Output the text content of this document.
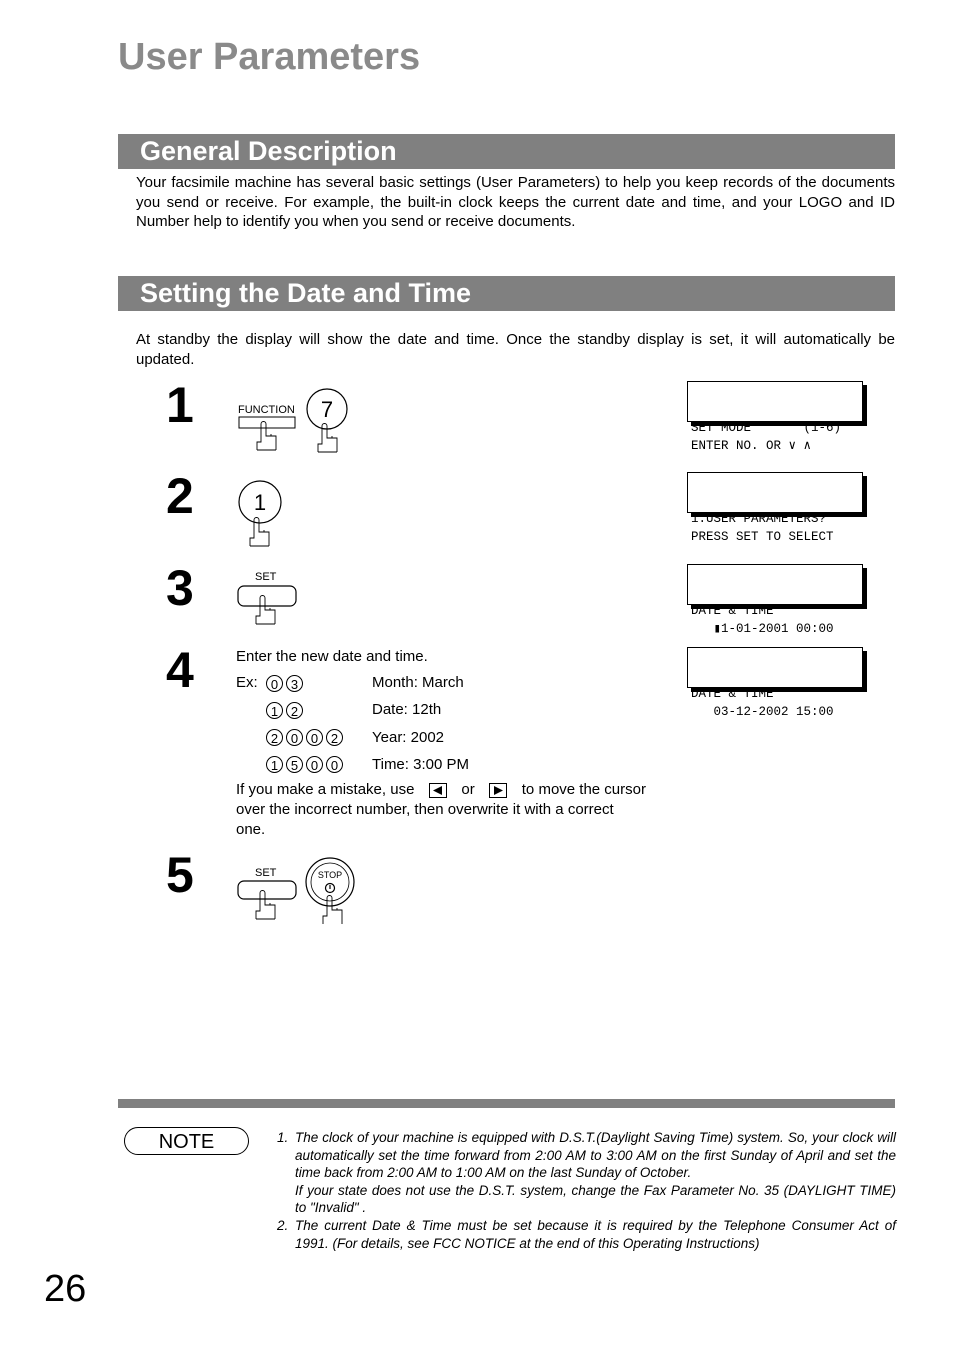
User Parameters
General Description
Your facsimile machine has several basic settings (User Parameters) to help you keep records of the documents you send or receive. For example, the built-in clock keeps the current date and time, and your LOGO and ID Number help to identify you when you send or receive documents.
Setting the Date and Time
At standby the display will show the date and time. Once the standby display is set, it will automatically be updated.
1	FUNCTION 7

SET MODE       (1-6)
ENTER NO. OR ∨ ∧

2	1

1:USER PARAMETERS?
PRESS SET TO SELECT

3	SET

DATE & TIME
▮1-01-2001 00:00

4	Enter the new date and time.
Ex:	0 3	Month: March
1 2	Date: 12th
2 0 0 2	Year: 2002
1 5 0 0	Time: 3:00 PM
If you make a mistake, use	or	to move the cursor
over the incorrect number, then overwrite it with a correct
one.

DATE & TIME
03-12-2002 15:00

5	SET	STOP
NOTE	1. The clock of your machine is equipped with D.S.T.(Daylight Saving Time) system. So, your clock will automatically set the time forward from 2:00 AM to 3:00 AM on the first Sunday of April and set the time back from 2:00 AM to 1:00 AM on the last Sunday of October.
If your state does not use the D.S.T. system, change the Fax Parameter No. 35 (DAYLIGHT TIME) to "Invalid" .
2. The current Date & Time must be set because it is required by the Telephone Consumer Act of 1991. (For details, see FCC NOTICE at the end of this Operating Instructions)
26
